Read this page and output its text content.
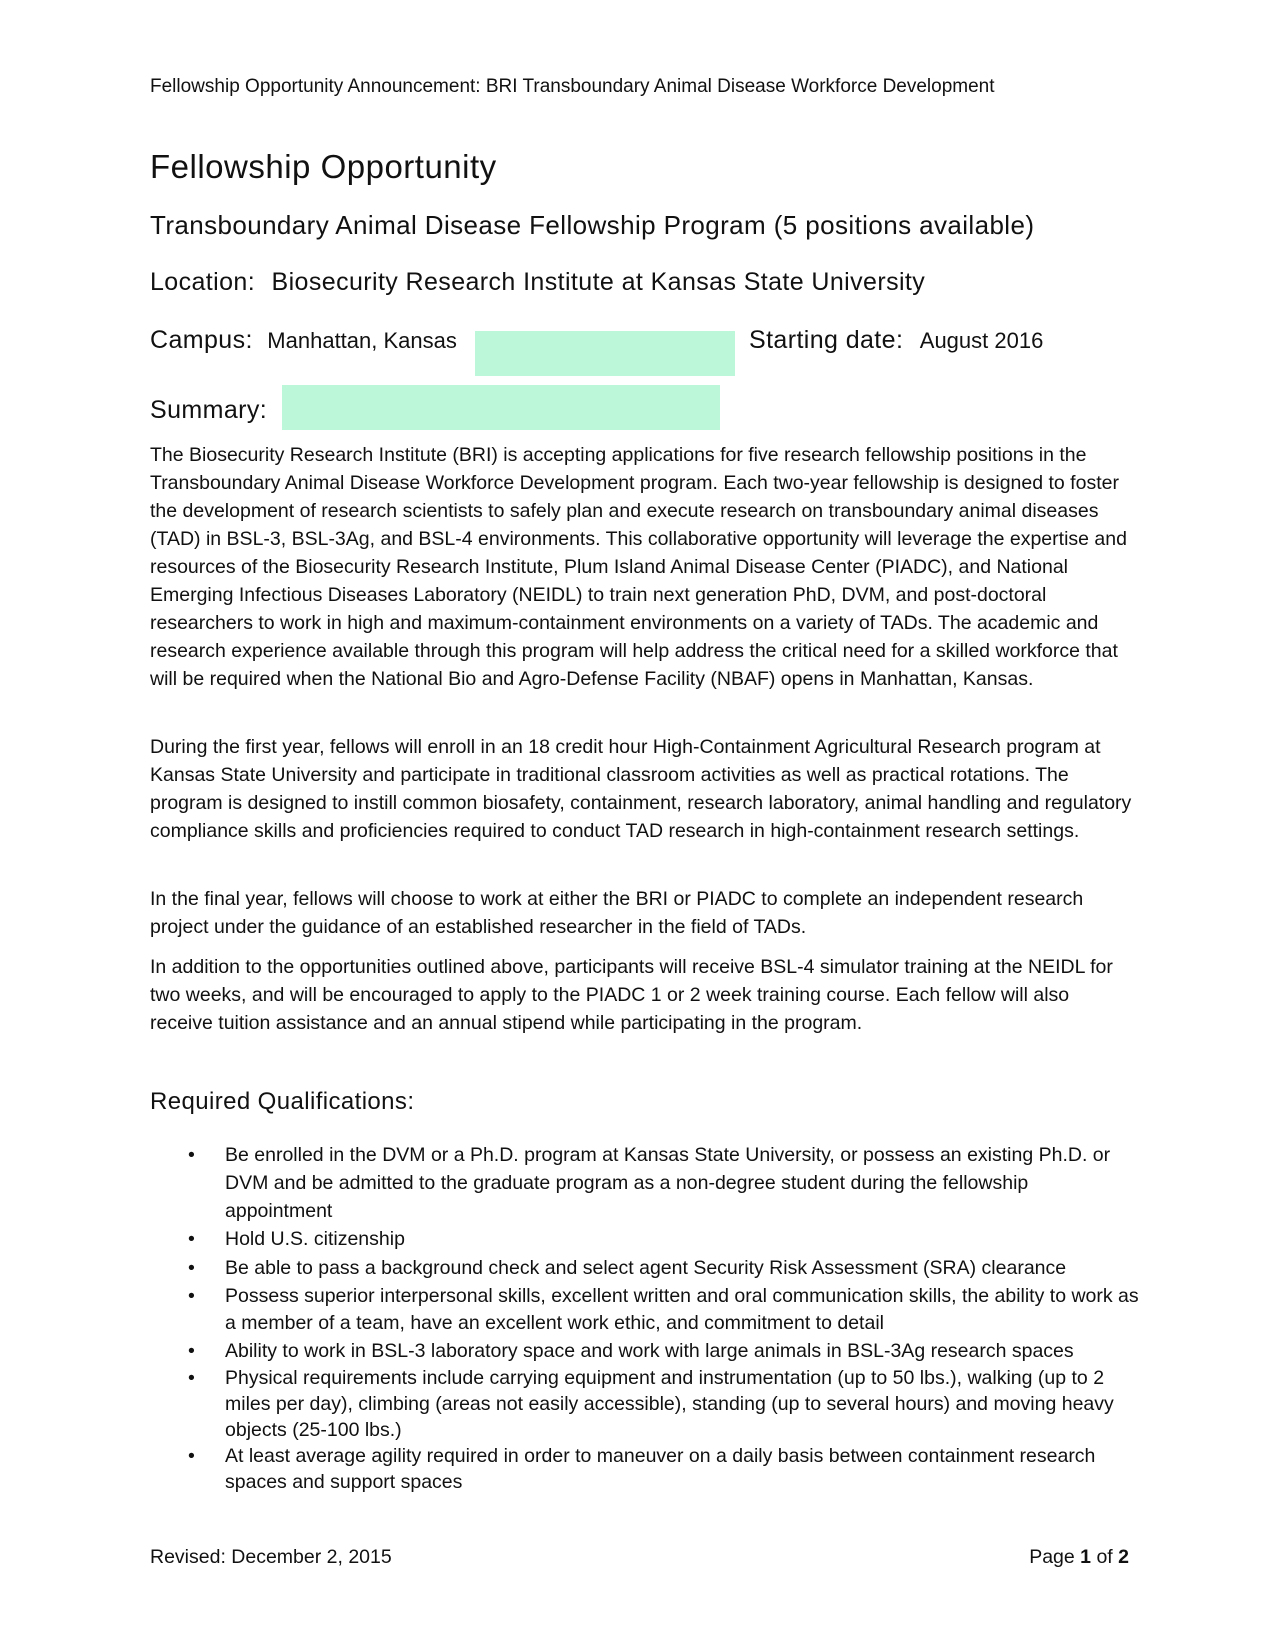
Fellowship Opportunity Announcement: BRI Transboundary Animal Disease Workforce Development
Fellowship Opportunity
Transboundary Animal Disease Fellowship Program (5 positions available)
Location: Biosecurity Research Institute at Kansas State University
Campus: Manhattan, Kansas	Starting date: August 2016
Summary:

The Biosecurity Research Institute (BRI) is accepting applications for five research fellowship positions in the Transboundary Animal Disease Workforce Development program. Each two-year fellowship is designed to foster the development of research scientists to safely plan and execute research on transboundary animal diseases (TAD) in BSL-3, BSL-3Ag, and BSL-4 environments. This collaborative opportunity will leverage the expertise and resources of the Biosecurity Research Institute, Plum Island Animal Disease Center (PIADC), and National Emerging Infectious Diseases Laboratory (NEIDL) to train next generation PhD, DVM, and post-doctoral researchers to work in high and maximum-containment environments on a variety of TADs. The academic and research experience available through this program will help address the critical need for a skilled workforce that will be required when the National Bio and Agro-Defense Facility (NBAF) opens in Manhattan, Kansas.

During the first year, fellows will enroll in an 18 credit hour High-Containment Agricultural Research program at Kansas State University and participate in traditional classroom activities as well as practical rotations. The program is designed to instill common biosafety, containment, research laboratory, animal handling and regulatory compliance skills and proficiencies required to conduct TAD research in high-containment research settings.

In the final year, fellows will choose to work at either the BRI or PIADC to complete an independent research project under the guidance of an established researcher in the field of TADs.

In addition to the opportunities outlined above, participants will receive BSL-4 simulator training at the NEIDL for two weeks, and will be encouraged to apply to the PIADC 1 or 2 week training course. Each fellow will also receive tuition assistance and an annual stipend while participating in the program.

Required Qualifications:
• Be enrolled in the DVM or a Ph.D. program at Kansas State University, or possess an existing Ph.D. or DVM and be admitted to the graduate program as a non-degree student during the fellowship appointment
• Hold U.S. citizenship
• Be able to pass a background check and select agent Security Risk Assessment (SRA) clearance
• Possess superior interpersonal skills, excellent written and oral communication skills, the ability to work as a member of a team, have an excellent work ethic, and commitment to detail
• Ability to work in BSL-3 laboratory space and work with large animals in BSL-3Ag research spaces
• Physical requirements include carrying equipment and instrumentation (up to 50 lbs.), walking (up to 2 miles per day), climbing (areas not easily accessible), standing (up to several hours) and moving heavy objects (25-100 lbs.)
• At least average agility required in order to maneuver on a daily basis between containment research spaces and support spaces
Revised: December 2, 2015	Page 1 of 2
